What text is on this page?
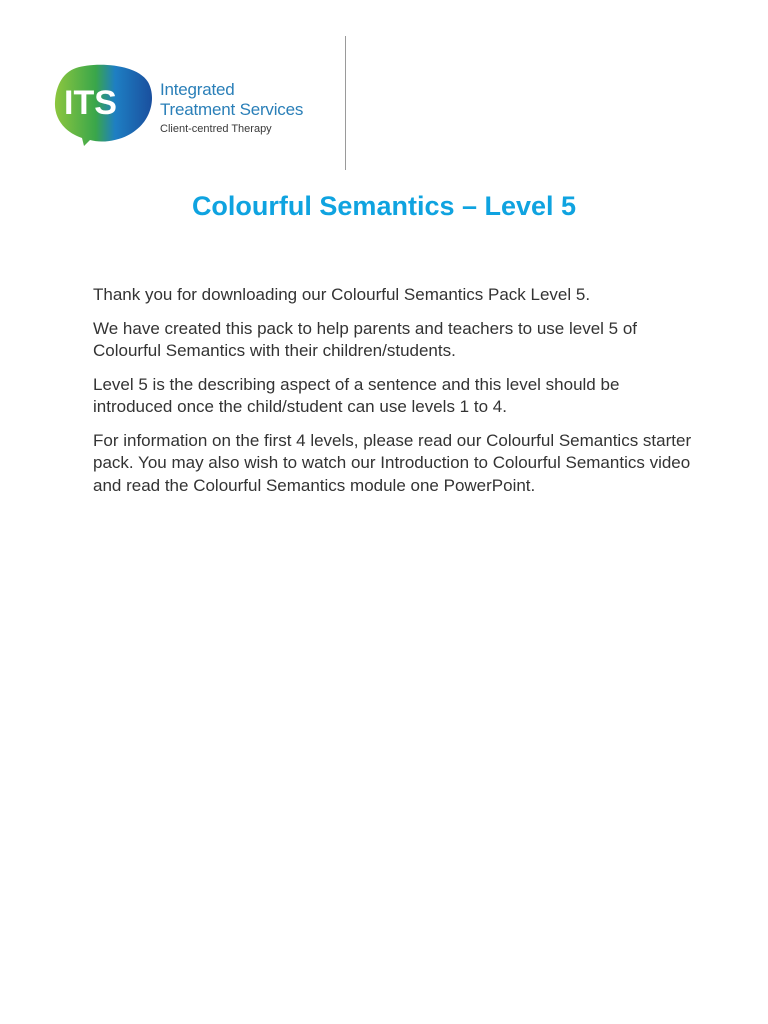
ITS	Integrated
Treatment Services
Client-centred Therapy
Colourful Semantics – Level 5

Thank you for downloading our Colourful Semantics Pack Level 5.

We have created this pack to help parents and teachers to use level 5 of Colourful Semantics with their children/students.

Level 5 is the describing aspect of a sentence and this level should be introduced once the child/student can use levels 1 to 4.

For information on the first 4 levels, please read our Colourful Semantics starter pack. You may also wish to watch our Introduction to Colourful Semantics video and read the Colourful Semantics module one PowerPoint.
